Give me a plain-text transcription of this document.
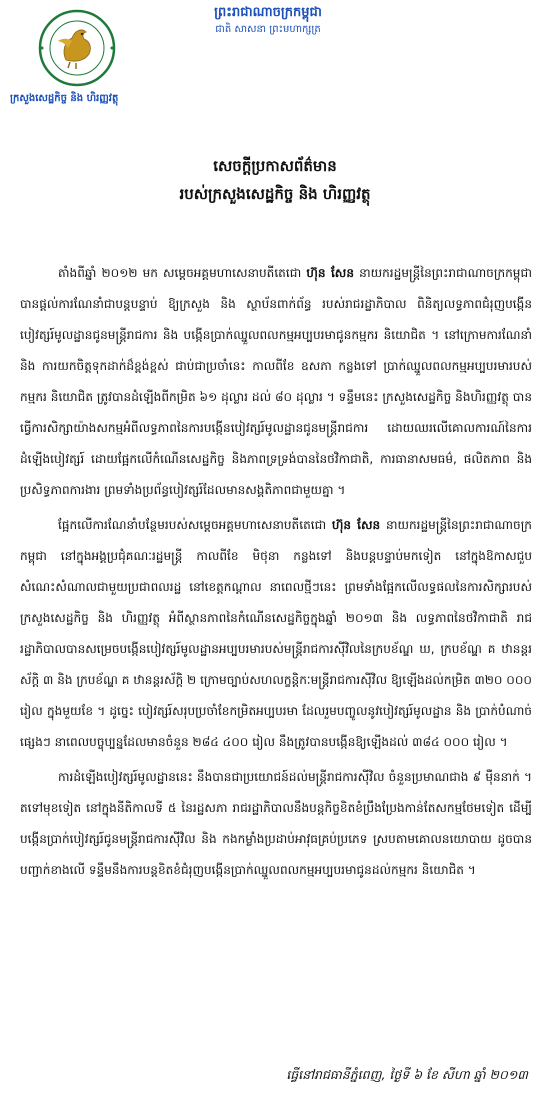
ក្រសួងសេដ្ឋកិច្ច និង ហិរញ្ញវត្ថុ
ព្រះរាជាណាចក្រកម្ពុជា
ជាតិ សាសនា ព្រះមហាក្សត្រ
សេចក្ដីប្រកាសព័ត៌មាន
របស់ក្រសួងសេដ្ឋកិច្ច និង ហិរញ្ញវត្ថុ

តាំងពីឆ្នាំ ២០១២ មក សម្ដេចអគ្គមហាសេនាបតីតេជោ ហ៊ុន សែន នាយករដ្ឋមន្ត្រីនៃព្រះរាជាណាចក្រកម្ពុជា បានផ្ដល់ការណែនាំជាបន្តបន្ទាប់ ឱ្យក្រសួង និង ស្ថាប័នពាក់ព័ន្ធ របស់រាជរដ្ឋាភិបាល ពិនិត្យលទ្ធភាពជំរុញបង្កើនបៀវត្សរ៍មូលដ្ឋានជូនមន្ត្រីរាជការ និង បង្កើនប្រាក់ឈ្នួលពលកម្មអប្បបរមាជូនកម្មករ និយោជិត ។ នៅក្រោមការណែនាំ និង ការយកចិត្តទុកដាក់ដ៏ខ្ពង់ខ្ពស់ ជាប់ជាប្រចាំនេះ កាលពីខែ ឧសភា កន្លងទៅ ប្រាក់ឈ្នួលពលកម្មអប្បបរមារបស់កម្មករ និយោជិត ត្រូវបានដំឡើងពីកម្រិត ៦១ ដុល្លារ ដល់ ៨០ ដុល្លារ ។ ទន្ទឹមនេះ ក្រសួងសេដ្ឋកិច្ច និងហិរញ្ញវត្ថុ បានធ្វើការសិក្សាយ៉ាងសកម្មអំពីលទ្ធភាពនៃការបង្កើនបៀវត្សរ៍មូលដ្ឋានជូនមន្ត្រីរាជការ ដោយឈរលើគោលការណ៍នៃការដំឡើងបៀវត្សរ៍ ដោយផ្អែកលើកំណើនសេដ្ឋកិច្ច និងភាពទ្រទ្រង់បាននៃថវិកាជាតិ, ការធានាសមធម៌, ផលិតភាព និង ប្រសិទ្ធភាពការងារ ព្រមទាំងប្រព័ន្ធបៀវត្សរ៍ដែលមានសង្គតិភាពជាមួយគ្នា ។

ផ្អែកលើការណែនាំបន្ថែមរបស់សម្ដេចអគ្គមហាសេនាបតីតេជោ ហ៊ុន សែន នាយករដ្ឋមន្ត្រីនៃព្រះរាជាណាចក្រកម្ពុជា នៅក្នុងអង្គប្រជុំគណៈរដ្ឋមន្ត្រី កាលពីខែ មិថុនា កន្លងទៅ និងបន្តបន្ទាប់មកទៀត នៅក្នុងឱកាសជួបសំណេះសំណាលជាមួយប្រជាពលរដ្ឋ នៅខេត្តកណ្ដាល នាពេលថ្មីៗនេះ ព្រមទាំងផ្អែកលើលទ្ធផលនៃការសិក្សារបស់ក្រសួងសេដ្ឋកិច្ច និង ហិរញ្ញវត្ថុ អំពីស្ថានភាពនៃកំណើនសេដ្ឋកិច្ចក្នុងឆ្នាំ ២០១៣ និង លទ្ធភាពនៃថវិកាជាតិ រាជរដ្ឋាភិបាលបានសម្រេចបង្កើនបៀវត្សរ៍មូលដ្ឋានអប្បបរមារបស់មន្ត្រីរាជការស៊ីវិលនៃក្របខ័ណ្ឌ ឃ, ក្របខ័ណ្ឌ គ ឋានន្តរស័ក្តិ ៣ និង ក្របខ័ណ្ឌ គ ឋានន្តរស័ក្តិ ២ ក្រោមច្បាប់សហលក្ខន្តិកៈមន្ត្រីរាជការស៊ីវិល ឱ្យឡើងដល់កម្រិត ៣២០ ០០០ រៀល ក្នុងមួយខែ ។ ដូច្នេះ បៀវត្សរ៍សរុបប្រចាំខែកម្រិតអប្បបរមា ដែលរួមបញ្ចូលនូវបៀវត្សរ៍មូលដ្ឋាន និង ប្រាក់បំណាច់ផ្សេងៗ នាពេលបច្ចុប្បន្នដែលមានចំនួន ២៨៤ ៤០០ រៀល នឹងត្រូវបានបង្កើនឱ្យឡើងដល់ ៣៨៤ ០០០ រៀល ។

ការដំឡើងបៀវត្សរ៍មូលដ្ឋាននេះ នឹងបានជាប្រយោជន៍ដល់មន្ត្រីរាជការស៊ីវិល ចំនួនប្រមាណជាង ៩ ម៉ឺននាក់ ។ តទៅមុខទៀត នៅក្នុងនីតិកាលទី ៥ នៃរដ្ឋសភា រាជរដ្ឋាភិបាលនឹងបន្តកិច្ចខិតខំប្រឹងប្រែងកាន់តែសកម្មថែមទៀត ដើម្បីបង្កើនប្រាក់បៀវត្សរ៍ជូនមន្ត្រីរាជការស៊ីវិល និង កងកម្លាំងប្រដាប់អាវុធគ្រប់ប្រភេទ ស្របតាមគោលនយោបាយ ដូចបានបញ្ជាក់ខាងលើ ទន្ទឹមនឹងការបន្តខិតខំជំរុញបង្កើនប្រាក់ឈ្នួលពលកម្មអប្បបរមាជូនដល់កម្មករ និយោជិត ។

ធ្វើនៅរាជធានីភ្នំពេញ, ថ្ងៃទី ៦ ខែ សីហា ឆ្នាំ ២០១៣
